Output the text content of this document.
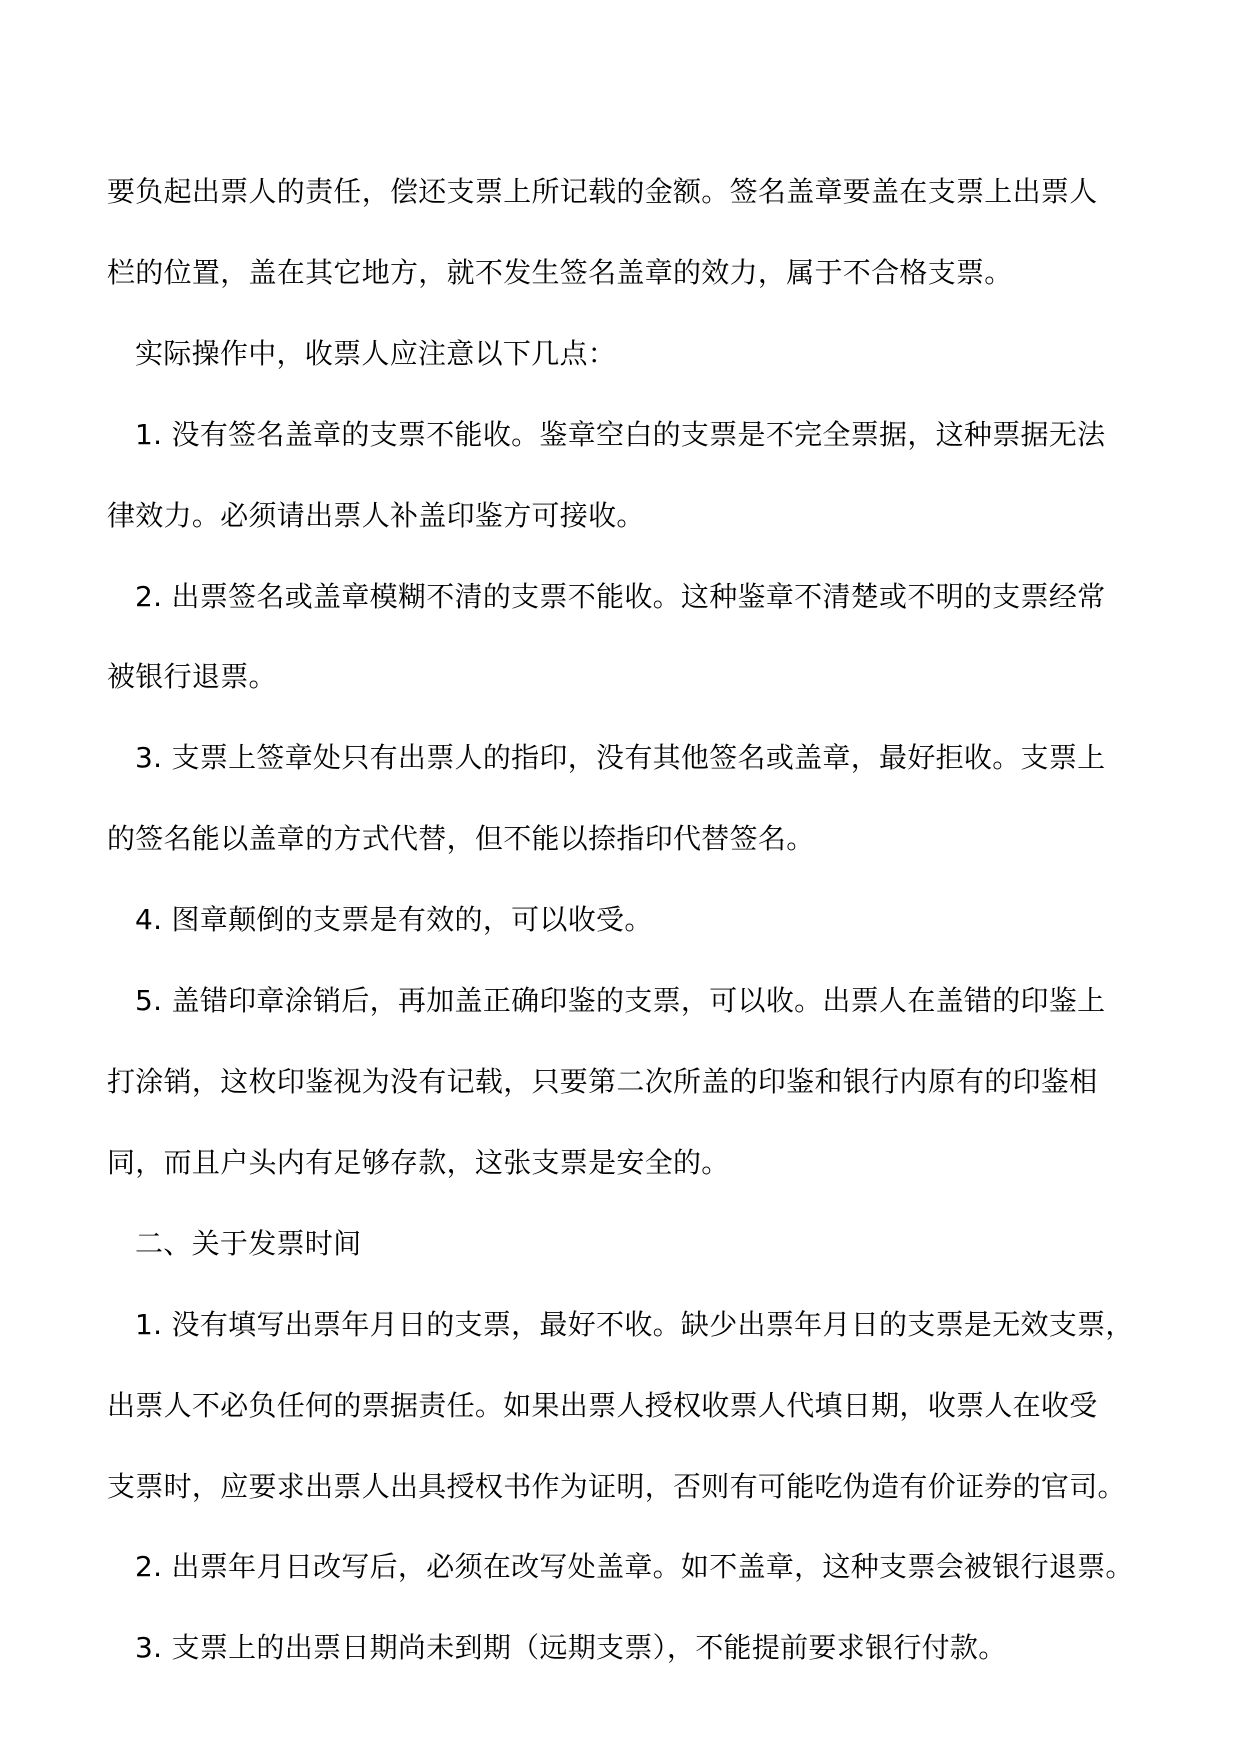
要负起出票人的责任，偿还支票上所记载的金额。签名盖章要盖在支票上出票人
栏的位置，盖在其它地方，就不发生签名盖章的效力，属于不合格支票。
实际操作中，收票人应注意以下几点：
1. 没有签名盖章的支票不能收。鉴章空白的支票是不完全票据，这种票据无法
律效力。必须请出票人补盖印鉴方可接收。
2. 出票签名或盖章模糊不清的支票不能收。这种鉴章不清楚或不明的支票经常
被银行退票。
3. 支票上签章处只有出票人的指印，没有其他签名或盖章，最好拒收。支票上
的签名能以盖章的方式代替，但不能以捺指印代替签名。
4. 图章颠倒的支票是有效的，可以收受。
5. 盖错印章涂销后，再加盖正确印鉴的支票，可以收。出票人在盖错的印鉴上
打涂销，这枚印鉴视为没有记载，只要第二次所盖的印鉴和银行内原有的印鉴相
同，而且户头内有足够存款，这张支票是安全的。
二、关于发票时间
1. 没有填写出票年月日的支票，最好不收。缺少出票年月日的支票是无效支票，
出票人不必负任何的票据责任。如果出票人授权收票人代填日期，收票人在收受
支票时，应要求出票人出具授权书作为证明，否则有可能吃伪造有价证券的官司。
2. 出票年月日改写后，必须在改写处盖章。如不盖章，这种支票会被银行退票。
3. 支票上的出票日期尚未到期（远期支票），不能提前要求银行付款。
